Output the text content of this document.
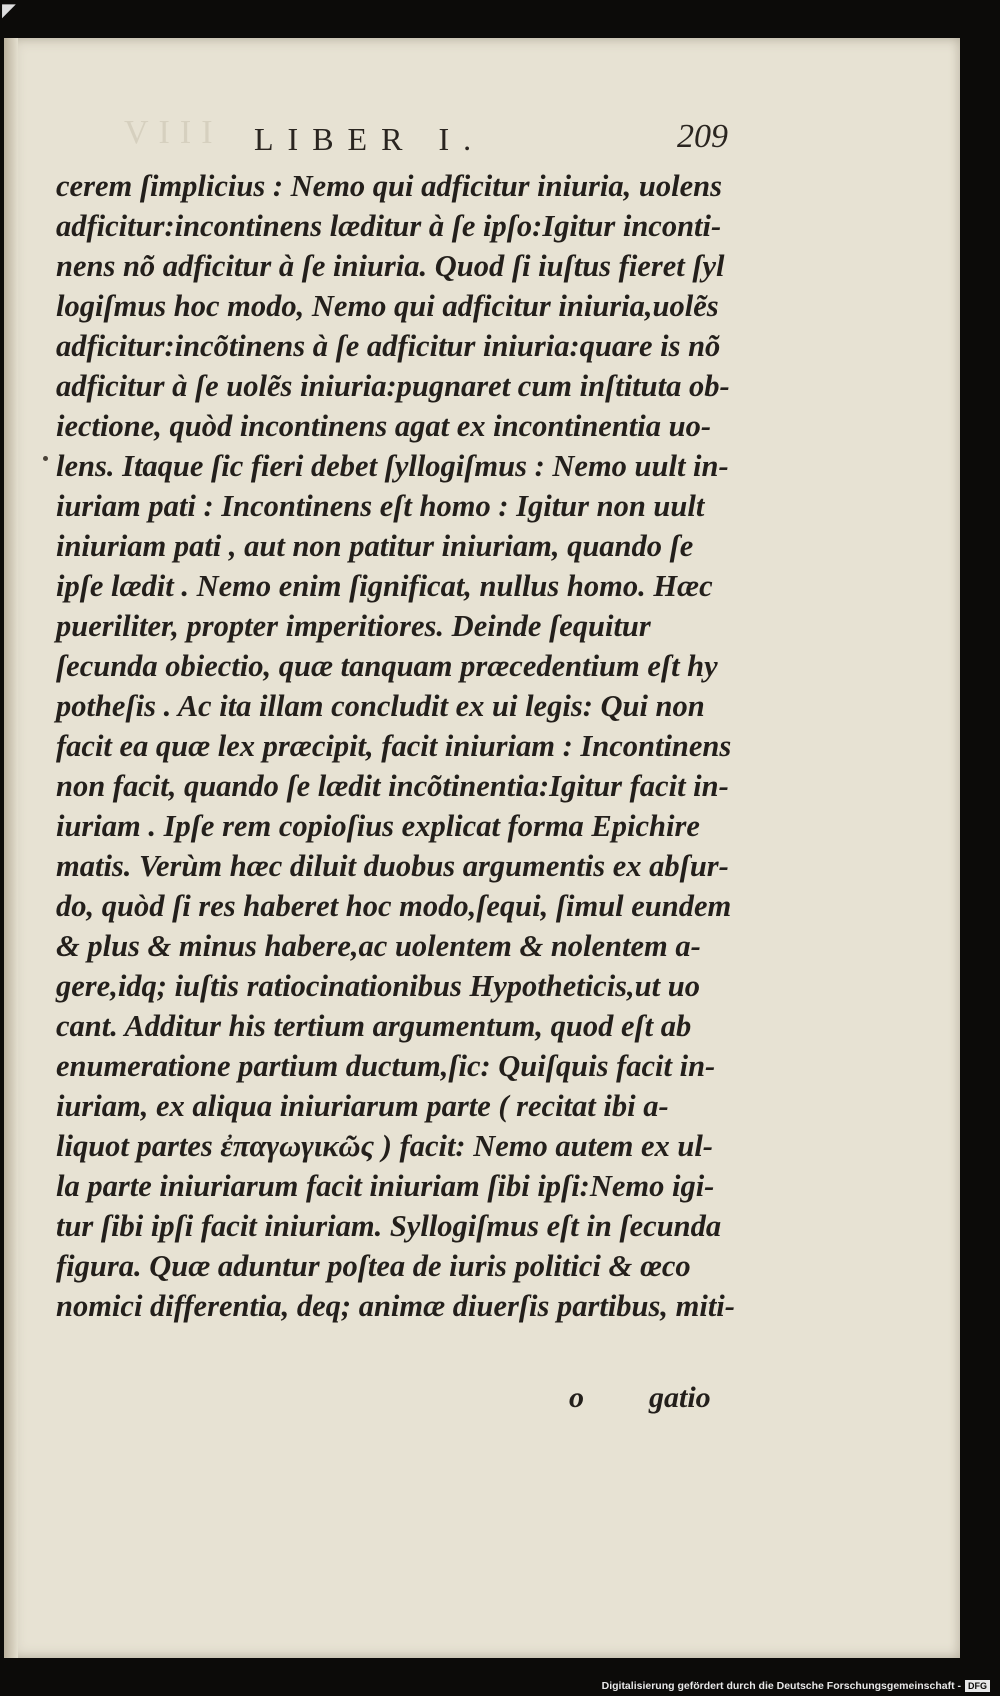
◤
VIII LIBER I.	209
cerem ſimplicius : Nemo qui adficitur iniuria, uolens
adficitur:incontinens læditur à ſe ipſo:Igitur inconti-
nens nõ adficitur à ſe iniuria. Quod ſi iuſtus fieret ſyl
logiſmus hoc modo, Nemo qui adficitur iniuria,uolẽs
adficitur:incõtinens à ſe adficitur iniuria:quare is nõ
adficitur à ſe uolẽs iniuria:pugnaret cum inſtituta ob-
iectione, quòd incontinens agat ex incontinentia uo-
lens. Itaque ſic fieri debet ſyllogiſmus : Nemo uult in-
iuriam pati : Incontinens eſt homo : Igitur non uult
iniuriam pati , aut non patitur iniuriam, quando ſe
ipſe lædit . Nemo enim ſignificat, nullus homo. Hæc
pueriliter, propter imperitiores. Deinde ſequitur
ſecunda obiectio, quæ tanquam præcedentium eſt hy
potheſis . Ac ita illam concludit ex ui legis: Qui non
facit ea quæ lex præcipit, facit iniuriam : Incontinens
non facit, quando ſe lædit incõtinentia:Igitur facit in-
iuriam . Ipſe rem copioſius explicat forma Epichire
matis. Verùm hæc diluit duobus argumentis ex abſur-
do, quòd ſi res haberet hoc modo,ſequi, ſimul eundem
& plus & minus habere,ac uolentem & nolentem a-
gere,idq; iuſtis ratiocinationibus Hypotheticis,ut uo
cant. Additur his tertium argumentum, quod eſt ab
enumeratione partium ductum,ſic: Quiſquis facit in-
iuriam, ex aliqua iniuriarum parte ( recitat ibi a-
liquot partes ἐπαγωγικῶς ) facit: Nemo autem ex ul-
la parte iniuriarum facit iniuriam ſibi ipſi:Nemo igi-
tur ſibi ipſi facit iniuriam. Syllogiſmus eſt in ſecunda
figura. Quæ aduntur poſtea de iuris politici & œco
nomici differentia, deq; animæ diuerſis partibus, miti-
o gatio
Digitalisierung gefördert durch die Deutsche Forschungsgemeinschaft - DFG
